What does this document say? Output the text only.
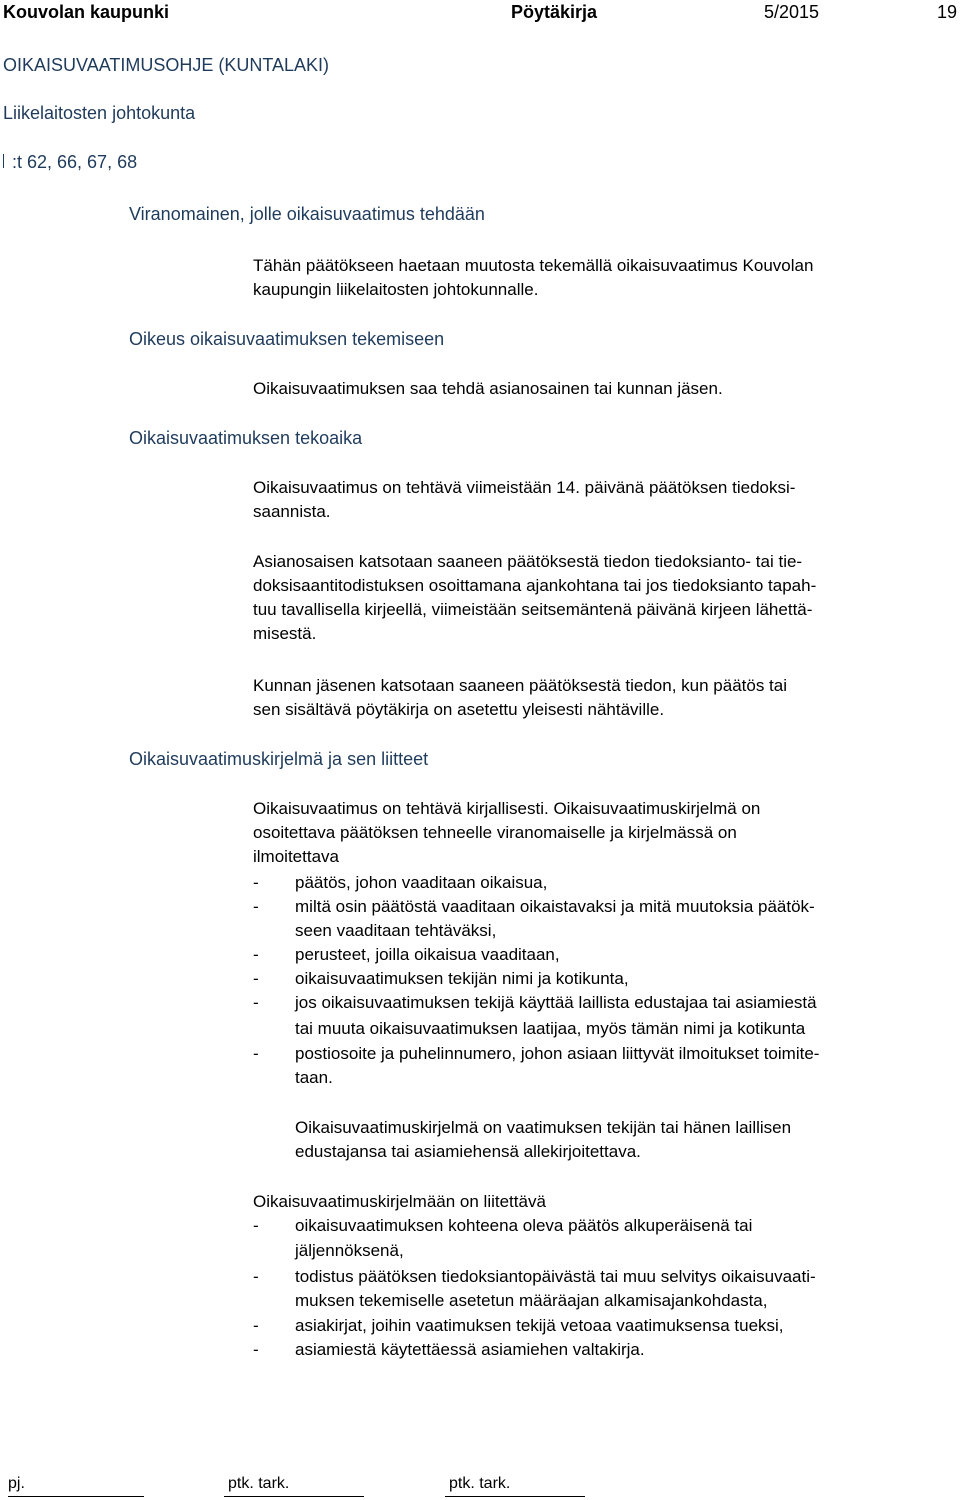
Kouvolan kaupunki	Pöytäkirja	5/2015	19
OIKAISUVAATIMUSOHJE (KUNTALAKI)
Liikelaitosten johtokunta
:t 62, 66, 67, 68
Viranomainen, jolle oikaisuvaatimus tehdään
Tähän päätökseen haetaan muutosta tekemällä oikaisuvaatimus Kouvolan
kaupungin liikelaitosten johtokunnalle.
Oikeus oikaisuvaatimuksen tekemiseen
Oikaisuvaatimuksen saa tehdä asianosainen tai kunnan jäsen.
Oikaisuvaatimuksen tekoaika
Oikaisuvaatimus on tehtävä viimeistään 14. päivänä päätöksen tiedoksi-
saannista.
Asianosaisen katsotaan saaneen päätöksestä tiedon tiedoksianto- tai tie-
doksisaantitodistuksen osoittamana ajankohtana tai jos tiedoksianto tapah-
tuu tavallisella kirjeellä, viimeistään seitsemäntenä päivänä kirjeen lähettä-
misestä.
Kunnan jäsenen katsotaan saaneen päätöksestä tiedon, kun päätös tai
sen sisältävä pöytäkirja on asetettu yleisesti nähtäville.
Oikaisuvaatimuskirjelmä ja sen liitteet
Oikaisuvaatimus on tehtävä kirjallisesti. Oikaisuvaatimuskirjelmä on
osoitettava päätöksen tehneelle viranomaiselle ja kirjelmässä on
ilmoitettava
- päätös, johon vaaditaan oikaisua,
- miltä osin päätöstä vaaditaan oikaistavaksi ja mitä muutoksia päätök-
seen vaaditaan tehtäväksi,
- perusteet, joilla oikaisua vaaditaan,
- oikaisuvaatimuksen tekijän nimi ja kotikunta,
- jos oikaisuvaatimuksen tekijä käyttää laillista edustajaa tai asiamiestä
tai muuta oikaisuvaatimuksen laatijaa, myös tämän nimi ja kotikunta
- postiosoite ja puhelinnumero, johon asiaan liittyvät ilmoitukset toimite-
taan.
Oikaisuvaatimuskirjelmä on vaatimuksen tekijän tai hänen laillisen
edustajansa tai asiamiehensä allekirjoitettava.
Oikaisuvaatimuskirjelmään on liitettävä
- oikaisuvaatimuksen kohteena oleva päätös alkuperäisenä tai
jäljennöksenä,
- todistus päätöksen tiedoksiantopäivästä tai muu selvitys oikaisuvaati-
muksen tekemiselle asetetun määräajan alkamisajankohdasta,
- asiakirjat, joihin vaatimuksen tekijä vetoaa vaatimuksensa tueksi,
- asiamiestä käytettäessä asiamiehen valtakirja.
pj.	ptk. tark.	ptk. tark.
